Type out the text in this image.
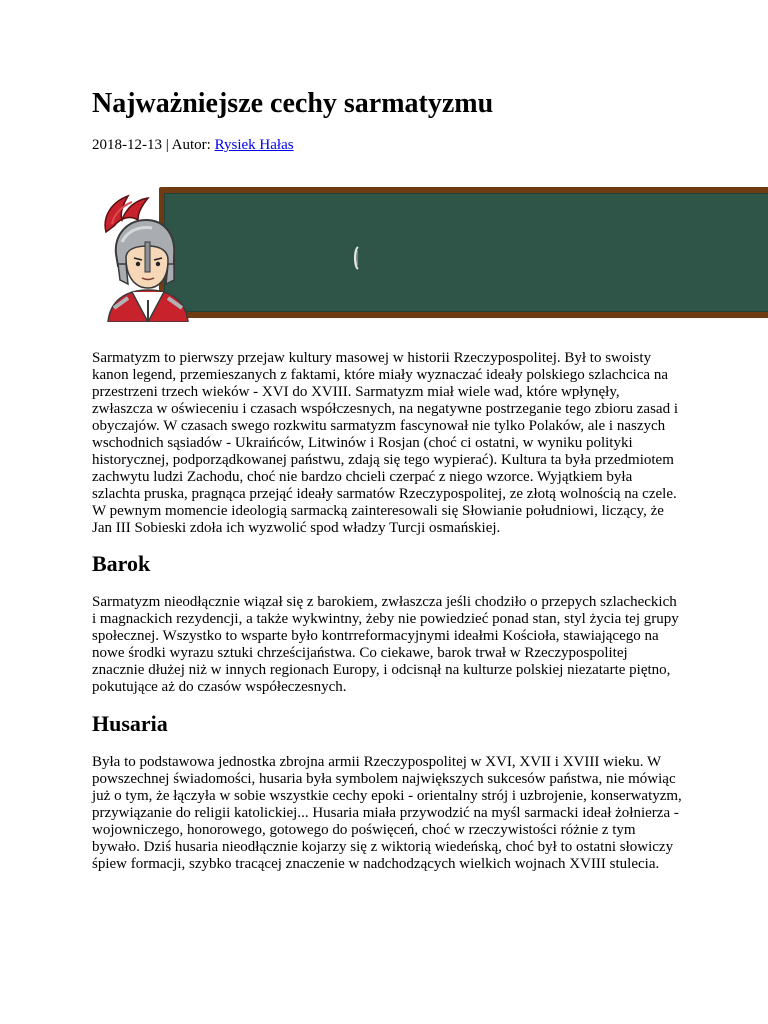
Najważniejsze cechy sarmatyzmu
2018-12-13 | Autor: Rysiek Hałas

Sarmatyzm to pierwszy przejaw kultury masowej w historii Rzeczypospolitej. Był to swoisty kanon legend, przemieszanych z faktami, które miały wyznaczać ideały polskiego szlachcica na przestrzeni trzech wieków - XVI do XVIII. Sarmatyzm miał wiele wad, które wpłynęły, zwłaszcza w oświeceniu i czasach współczesnych, na negatywne postrzeganie tego zbioru zasad i obyczajów. W czasach swego rozkwitu sarmatyzm fascynował nie tylko Polaków, ale i naszych wschodnich sąsiadów - Ukraińców, Litwinów i Rosjan (choć ci ostatni, w wyniku polityki historycznej, podporządkowanej państwu, zdają się tego wypierać). Kultura ta była przedmiotem zachwytu ludzi Zachodu, choć nie bardzo chcieli czerpać z niego wzorce. Wyjątkiem była szlachta pruska, pragnąca przejąć ideały sarmatów Rzeczypospolitej, ze złotą wolnością na czele. W pewnym momencie ideologią sarmacką zainteresowali się Słowianie południowi, liczący, że Jan III Sobieski zdoła ich wyzwolić spod władzy Turcji osmańskiej.

Barok

Sarmatyzm nieodłącznie wiązał się z barokiem, zwłaszcza jeśli chodziło o przepych szlacheckich i magnackich rezydencji, a także wykwintny, żeby nie powiedzieć ponad stan, styl życia tej grupy społecznej. Wszystko to wsparte było kontrreformacyjnymi ideałmi Kościoła, stawiającego na nowe środki wyrazu sztuki chrześcijaństwa. Co ciekawe, barok trwał w Rzeczypospolitej znacznie dłużej niż w innych regionach Europy, i odcisnął na kulturze polskiej niezatarte piętno, pokutujące aż do czasów współeczesnych.

Husaria

Była to podstawowa jednostka zbrojna armii Rzeczypospolitej w XVI, XVII i XVIII wieku. W powszechnej świadomości, husaria była symbolem największych sukcesów państwa, nie mówiąc już o tym, że łączyła w sobie wszystkie cechy epoki - orientalny strój i uzbrojenie, konserwatyzm, przywiązanie do religii katolickiej... Husaria miała przywodzić na myśl sarmacki ideał żołnierza - wojowniczego, honorowego, gotowego do poświęceń, choć w rzeczywistości różnie z tym bywało. Dziś husaria nieodłącznie kojarzy się z wiktorią wiedeńską, choć był to ostatni słowiczy śpiew formacji, szybko tracącej znaczenie w nadchodzących wielkich wojnach XVIII stulecia.
